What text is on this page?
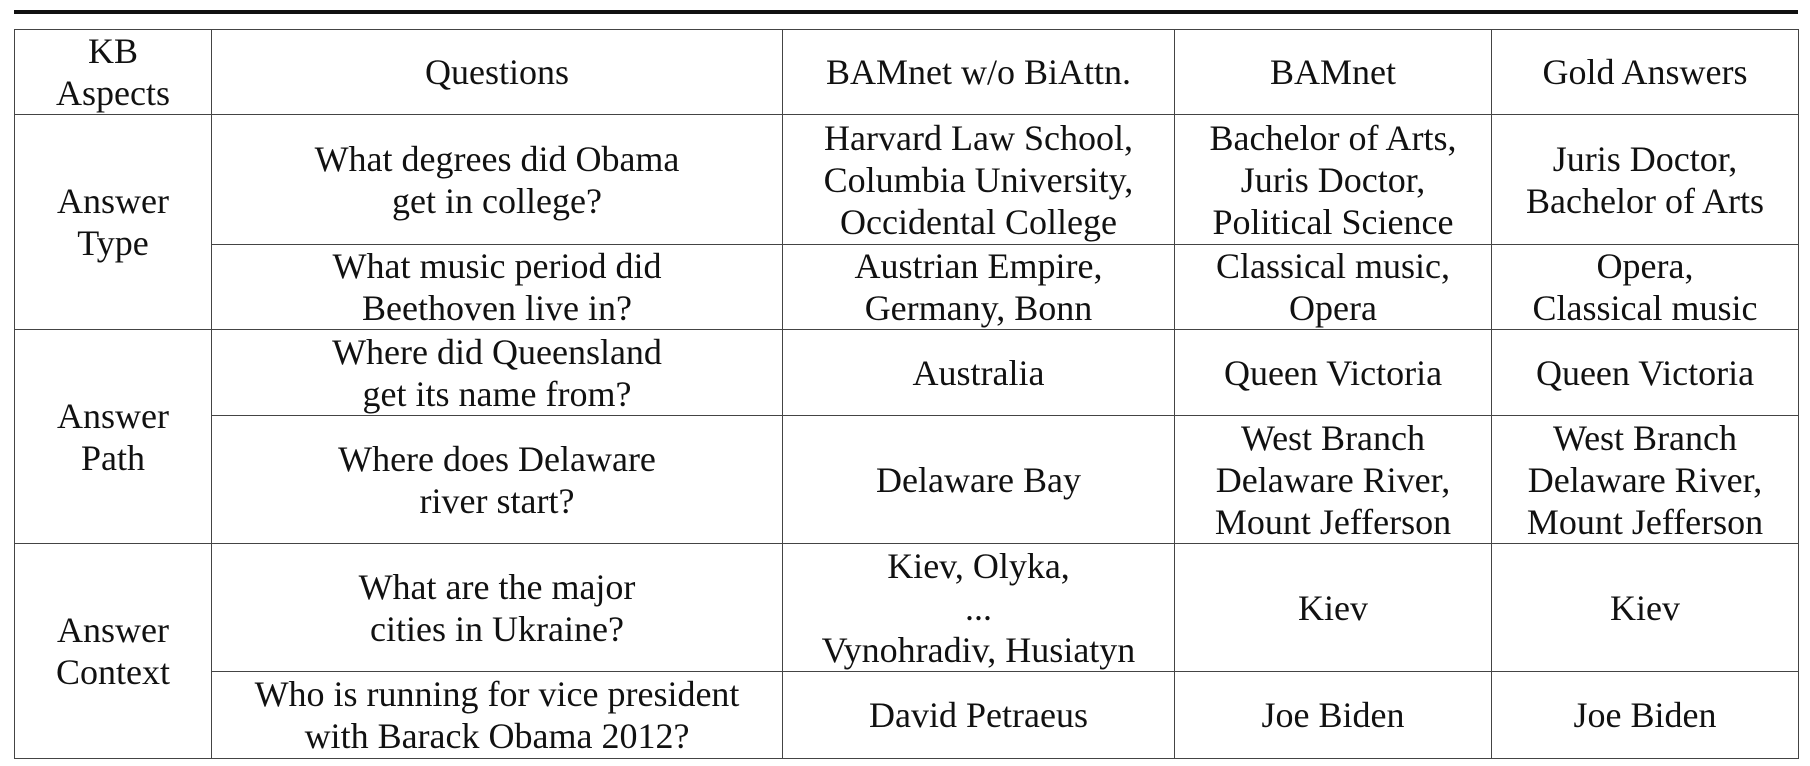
KB
Aspects	Questions	BAMnet w/o BiAttn.	BAMnet	Gold Answers
Answer
Type	What degrees did Obama
get in college?	Harvard Law School,
Columbia University,
Occidental College	Bachelor of Arts,
Juris Doctor,
Political Science	Juris Doctor,
Bachelor of Arts
	What music period did
Beethoven live in?	Austrian Empire,
Germany, Bonn	Classical music,
Opera	Opera,
Classical music
Answer
Path	Where did Queensland
get its name from?	Australia	Queen Victoria	Queen Victoria
	Where does Delaware
river start?	Delaware Bay	West Branch
Delaware River,
Mount Jefferson	West Branch
Delaware River,
Mount Jefferson
Answer
Context	What are the major
cities in Ukraine?	Kiev, Olyka,
...
Vynohradiv, Husiatyn	Kiev	Kiev
	Who is running for vice president
with Barack Obama 2012?	David Petraeus	Joe Biden	Joe Biden
